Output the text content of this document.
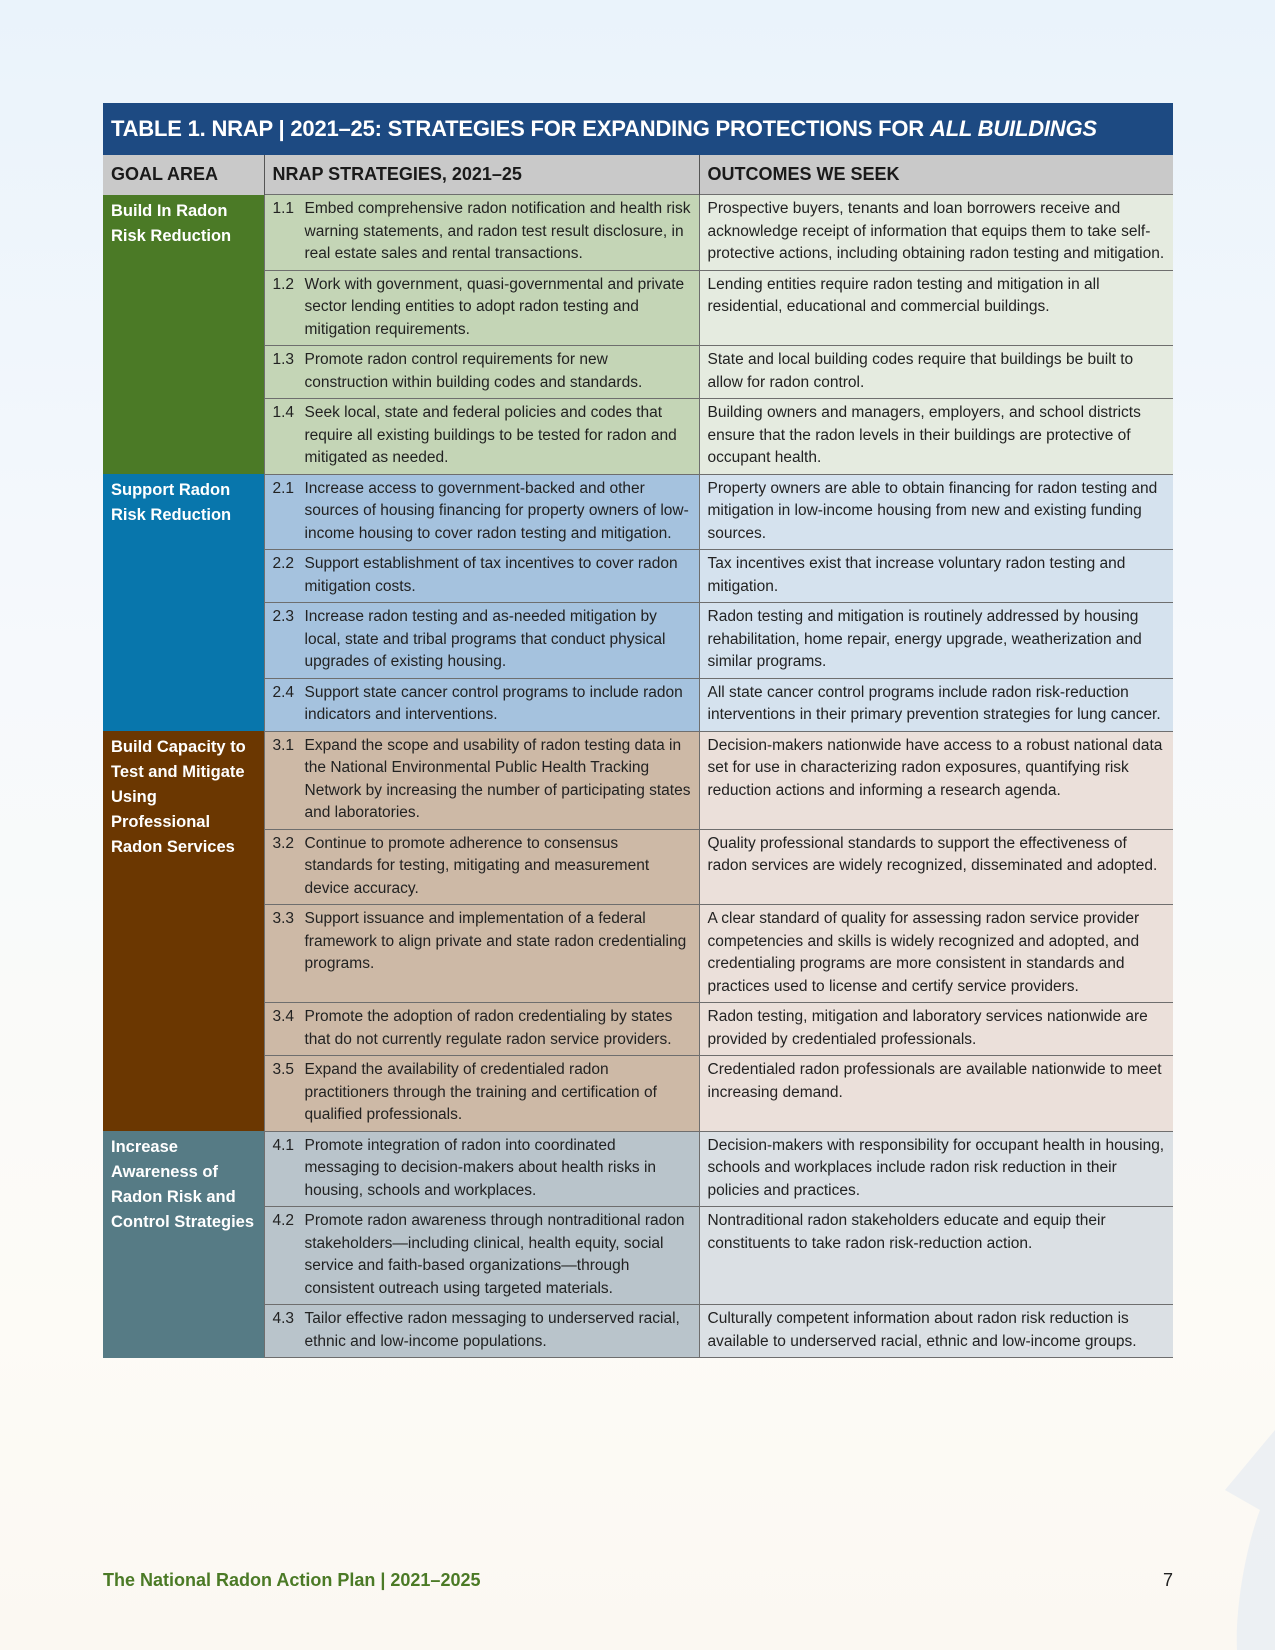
TABLE 1. NRAP | 2021–25: STRATEGIES FOR EXPANDING PROTECTIONS FOR ALL BUILDINGS
GOAL AREA	NRAP STRATEGIES, 2021–25	OUTCOMES WE SEEK
Build In Radon Risk Reduction	1.1 Embed comprehensive radon notification and health risk warning statements, and radon test result disclosure, in real estate sales and rental transactions.	Prospective buyers, tenants and loan borrowers receive and acknowledge receipt of information that equips them to take self-protective actions, including obtaining radon testing and mitigation.

	1.2 Work with government, quasi-governmental and private sector lending entities to adopt radon testing and mitigation requirements.	Lending entities require radon testing and mitigation in all residential, educational and commercial buildings.

	1.3 Promote radon control requirements for new construction within building codes and standards.	State and local building codes require that buildings be built to allow for radon control.

	1.4 Seek local, state and federal policies and codes that require all existing buildings to be tested for radon and mitigated as needed.	Building owners and managers, employers, and school districts ensure that the radon levels in their buildings are protective of occupant health.
Support Radon Risk Reduction	2.1 Increase access to government-backed and other sources of housing financing for property owners of low-income housing to cover radon testing and mitigation.	Property owners are able to obtain financing for radon testing and mitigation in low-income housing from new and existing funding sources.

	2.2 Support establishment of tax incentives to cover radon mitigation costs.	Tax incentives exist that increase voluntary radon testing and mitigation.

	2.3 Increase radon testing and as-needed mitigation by local, state and tribal programs that conduct physical upgrades of existing housing.	Radon testing and mitigation is routinely addressed by housing rehabilitation, home repair, energy upgrade, weatherization and similar programs.

	2.4 Support state cancer control programs to include radon indicators and interventions.	All state cancer control programs include radon risk-reduction interventions in their primary prevention strategies for lung cancer.
Build Capacity to Test and Mitigate Using Professional Radon Services	3.1 Expand the scope and usability of radon testing data in the National Environmental Public Health Tracking Network by increasing the number of participating states and laboratories.	Decision-makers nationwide have access to a robust national data set for use in characterizing radon exposures, quantifying risk reduction actions and informing a research agenda.

	3.2 Continue to promote adherence to consensus standards for testing, mitigating and measurement device accuracy.	Quality professional standards to support the effectiveness of radon services are widely recognized, disseminated and adopted.

	3.3 Support issuance and implementation of a federal framework to align private and state radon credentialing programs.	A clear standard of quality for assessing radon service provider competencies and skills is widely recognized and adopted, and credentialing programs are more consistent in standards and practices used to license and certify service providers.

	3.4 Promote the adoption of radon credentialing by states that do not currently regulate radon service providers.	Radon testing, mitigation and laboratory services nationwide are provided by credentialed professionals.

	3.5 Expand the availability of credentialed radon practitioners through the training and certification of qualified professionals.	Credentialed radon professionals are available nationwide to meet increasing demand.
Increase Awareness of Radon Risk and Control Strategies	4.1 Promote integration of radon into coordinated messaging to decision-makers about health risks in housing, schools and workplaces.	Decision-makers with responsibility for occupant health in housing, schools and workplaces include radon risk reduction in their policies and practices.

	4.2 Promote radon awareness through nontraditional radon stakeholders—including clinical, health equity, social service and faith-based organizations—through consistent outreach using targeted materials.	Nontraditional radon stakeholders educate and equip their constituents to take radon risk-reduction action.

	4.3 Tailor effective radon messaging to underserved racial, ethnic and low-income populations.	Culturally competent information about radon risk reduction is available to underserved racial, ethnic and low-income groups.
The National Radon Action Plan | 2021–2025	7
